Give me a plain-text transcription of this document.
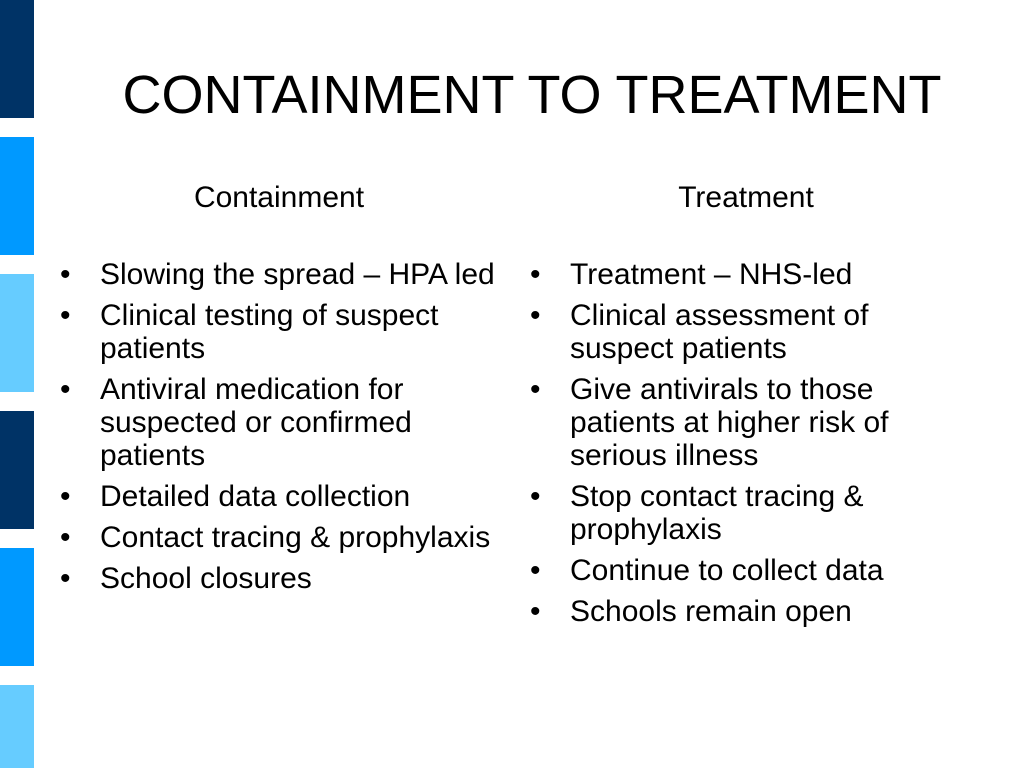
CONTAINMENT TO TREATMENT
Containment
• Slowing the spread – HPA led
• Clinical testing of suspect patients
• Antiviral medication for suspected or confirmed patients
• Detailed data collection
• Contact tracing & prophylaxis
• School closures
Treatment
• Treatment – NHS-led
• Clinical assessment of suspect patients
• Give antivirals to those patients at higher risk of serious illness
• Stop contact tracing & prophylaxis
• Continue to collect data
• Schools remain open
